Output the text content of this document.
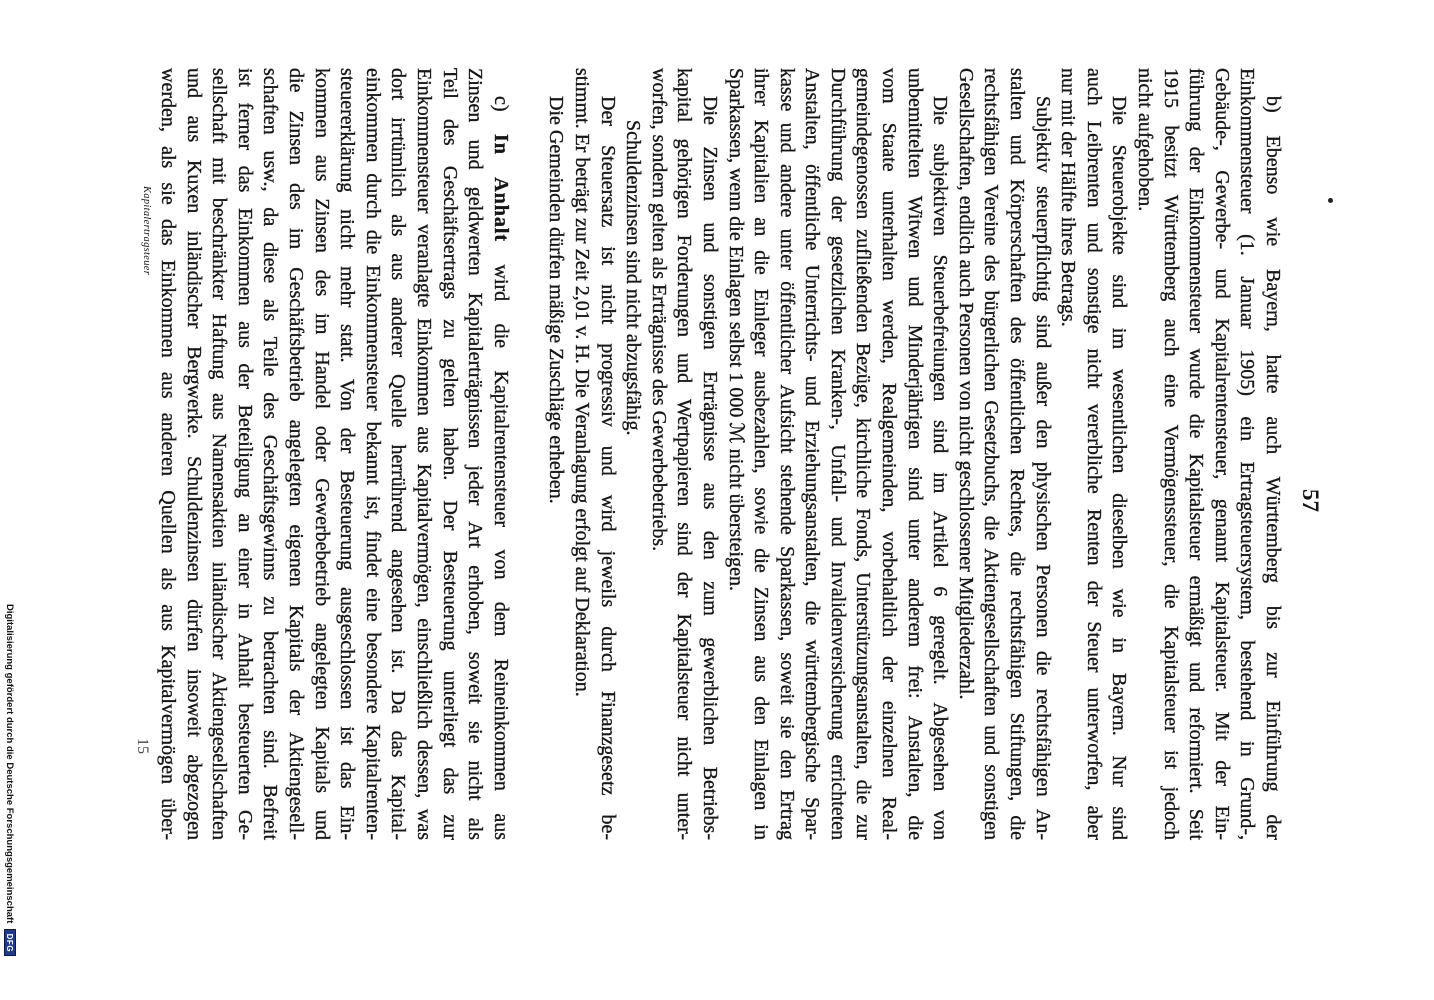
57
b) Ebenso wie Bayern, hatte auch Württemberg bis zur Einführung der
Einkommensteuer (1. Januar 1905) ein Ertragsteuersystem, bestehend in Grund-,
Gebäude-, Gewerbe- und Kapitalrentensteuer, genannt Kapitalsteuer. Mit der Ein-
führung der Einkommensteuer wurde die Kapitalsteuer ermäßigt und reformiert. Seit
1915 besitzt Württemberg auch eine Vermögenssteuer, die Kapitalsteuer ist jedoch
nicht aufgehoben.
Die Steuerobjekte sind im wesentlichen dieselben wie in Bayern. Nur sind
auch Leibrenten und sonstige nicht vererbliche Renten der Steuer unterworfen, aber
nur mit der Hälfte ihres Betrags.
Subjektiv steuerpflichtig sind außer den physischen Personen die rechtsfähigen An-
stalten und Körperschaften des öffentlichen Rechtes, die rechtsfähigen Stiftungen, die
rechtsfähigen Vereine des bürgerlichen Gesetzbuchs, die Aktiengesellschaften und sonstigen
Gesellschaften, endlich auch Personen von nicht geschlossener Mitgliederzahl.
Die subjektiven Steuerbefreiungen sind im Artikel 6 geregelt. Abgesehen von
unbemittelten Witwen und Minderjährigen sind unter anderem frei: Anstalten, die
vom Staate unterhalten werden, Realgemeinden, vorbehaltlich der einzelnen Real-
gemeindegenossen zufließenden Bezüge, kirchliche Fonds, Unterstützungsanstalten, die zur
Durchführung der gesetzlichen Kranken-, Unfall- und Invalidenversicherung errichteten
Anstalten, öffentliche Unterrichts- und Erziehungsanstalten, die württembergische Spar-
kasse und andere unter öffentlicher Aufsicht stehende Sparkassen, soweit sie den Ertrag
ihrer Kapitalien an die Einleger ausbezahlen, sowie die Zinsen aus den Einlagen in
Sparkassen, wenn die Einlagen selbst 1 000 ℳ nicht übersteigen.
Die Zinsen und sonstigen Erträgnisse aus den zum gewerblichen Betriebs-
kapital gehörigen Forderungen und Wertpapieren sind der Kapitalsteuer nicht unter-
worfen, sondern gelten als Erträgnisse des Gewerbebetriebs.
Schuldenzinsen sind nicht abzugsfähig.
Der Steuersatz ist nicht progressiv und wird jeweils durch Finanzgesetz be-
stimmt. Er beträgt zur Zeit 2,01 v. H. Die Veranlagung erfolgt auf Deklaration.
Die Gemeinden dürfen mäßige Zuschläge erheben.
c) In Anhalt wird die Kapitalrentensteuer von dem Reineinkommen aus
Zinsen und geldwerten Kapitalerträgnissen jeder Art erhoben, soweit sie nicht als
Teil des Geschäftsertrags zu gelten haben. Der Besteuerung unterliegt das zur
Einkommensteuer veranlagte Einkommen aus Kapitalvermögen, einschließlich dessen, was
dort irrtümlich als aus anderer Quelle herrührend angesehen ist. Da das Kapital-
einkommen durch die Einkommensteuer bekannt ist, findet eine besondere Kapitalrenten-
steuererklärung nicht mehr statt. Von der Besteuerung ausgeschlossen ist das Ein-
kommen aus Zinsen des im Handel oder Gewerbebetrieb angelegten Kapitals und
die Zinsen des im Geschäftsbetrieb angelegten eigenen Kapitals der Aktiengesell-
schaften usw., da diese als Teile des Geschäftsgewinns zu betrachten sind. Befreit
ist ferner das Einkommen aus der Beteiligung an einer in Anhalt besteuerten Ge-
sellschaft mit beschränkter Haftung aus Namensaktien inländischer Aktiengesellschaften
und aus Kuxen inländischer Bergwerke. Schuldenzinsen dürfen insoweit abgezogen
werden, als sie das Einkommen aus anderen Quellen als aus Kapitalvermögen über-
Kapitalertragsteuer
15
Digitalisierung gefördert durch die Deutsche ForschungsgemeinschaftDFG
